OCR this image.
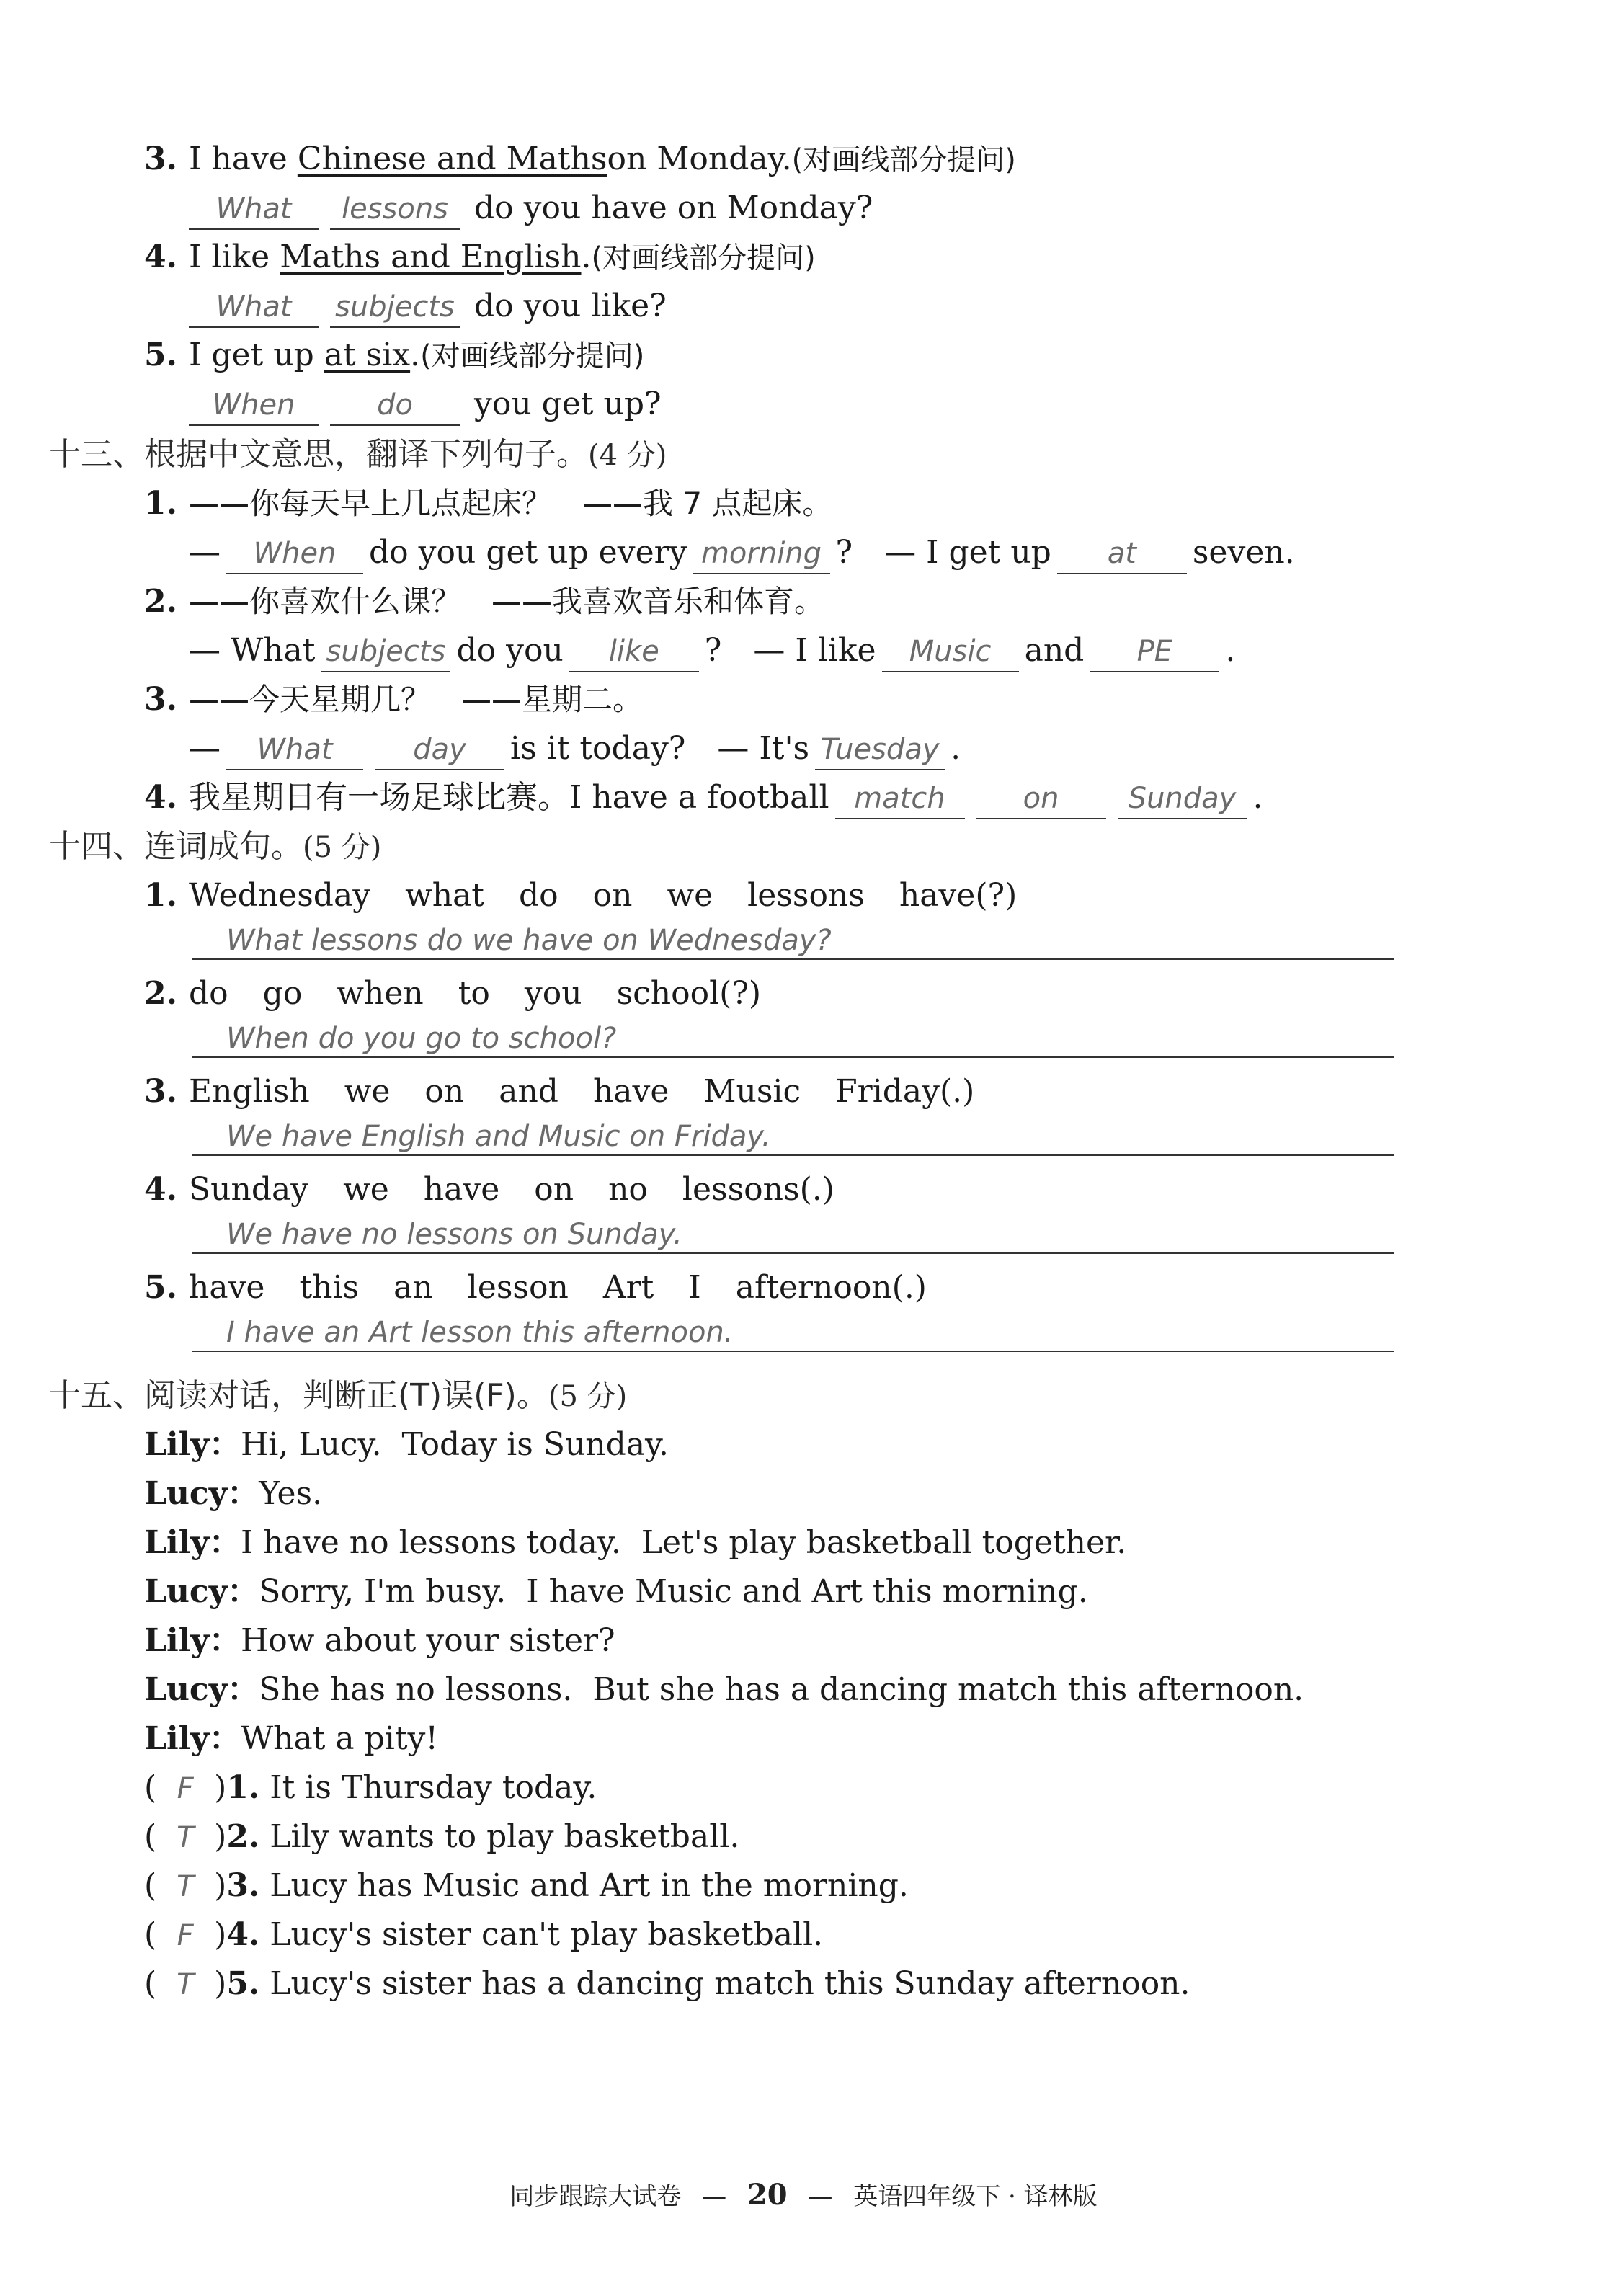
3. I have Chinese and Maths on Monday. (对画线部分提问)
What	lessons do you have on Monday?
4. I like Maths and English . (对画线部分提问)
What	subjects do you like?
5. I get up at six . (对画线部分提问)
When	do	you get up?
十三、根据中文意思，翻译下列句子。(4 分)
1. ——你每天早上几点起床？　——我 7 点起床。
—	When	do you get up every morning ?　— I get up	at	seven.
2. ——你喜欢什么课？　——我喜欢音乐和体育。
— What subjects do you	like	?　— I like	Music	and	PE	.
3. ——今天星期几？　——星期二。
—	What	day	is it today?　— It's Tuesday .
4. 我星期日有一场足球比赛。I have a football match	on	Sunday .
十四、连词成句。(5 分)
1. Wednesday what do on we lessons have(?)
What lessons do we have on Wednesday?
2. do go when to you school(?)
When do you go to school?
3. English we on and have Music Friday(.)
We have English and Music on Friday.
4. Sunday we have on no lessons(.)
We have no lessons on Sunday.
5. have this an lesson Art I afternoon(.)
I have an Art lesson this afternoon.
十五、阅读对话，判断正(T)误(F)。(5 分)
Lily ： Hi, Lucy.  Today is Sunday.
Lucy ： Yes.
Lily ： I have no lessons today.  Let's play basketball together.
Lucy ： Sorry, I'm busy.  I have Music and Art this morning.
Lily ： How about your sister?
Lucy ： She has no lessons.  But she has a dancing match this afternoon.
Lily ： What a pity!
( F ) 1. It is Thursday today.
( T ) 2. Lily wants to play basketball.
( T ) 3. Lucy has Music and Art in the morning.
( F ) 4. Lucy's sister can't play basketball.
( T ) 5. Lucy's sister has a dancing match this Sunday afternoon.
同步跟踪大试卷 — 20 — 英语四年级下 · 译林版
